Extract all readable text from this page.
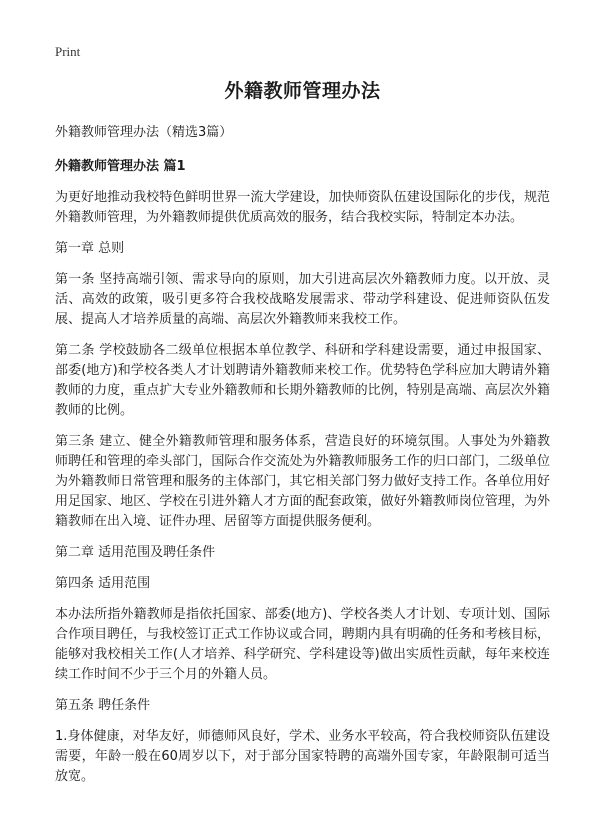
Print
外籍教师管理办法
外籍教师管理办法（精选3篇）
外籍教师管理办法 篇1

为更好地推动我校特色鲜明世界一流大学建设，加快师资队伍建设国际化的步伐，规范外籍教师管理，为外籍教师提供优质高效的服务，结合我校实际，特制定本办法。

第一章 总则

第一条 坚持高端引领、需求导向的原则，加大引进高层次外籍教师力度。以开放、灵活、高效的政策，吸引更多符合我校战略发展需求、带动学科建设、促进师资队伍发展、提高人才培养质量的高端、高层次外籍教师来我校工作。

第二条 学校鼓励各二级单位根据本单位教学、科研和学科建设需要，通过申报国家、部委(地方)和学校各类人才计划聘请外籍教师来校工作。优势特色学科应加大聘请外籍教师的力度，重点扩大专业外籍教师和长期外籍教师的比例，特别是高端、高层次外籍教师的比例。

第三条 建立、健全外籍教师管理和服务体系，营造良好的环境氛围。人事处为外籍教师聘任和管理的牵头部门，国际合作交流处为外籍教师服务工作的归口部门，二级单位为外籍教师日常管理和服务的主体部门，其它相关部门努力做好支持工作。各单位用好用足国家、地区、学校在引进外籍人才方面的配套政策，做好外籍教师岗位管理，为外籍教师在出入境、证件办理、居留等方面提供服务便利。

第二章 适用范围及聘任条件

第四条 适用范围

本办法所指外籍教师是指依托国家、部委(地方)、学校各类人才计划、专项计划、国际合作项目聘任，与我校签订正式工作协议或合同，聘期内具有明确的任务和考核目标，能够对我校相关工作(人才培养、科学研究、学科建设等)做出实质性贡献，每年来校连续工作时间不少于三个月的外籍人员。

第五条 聘任条件

1.身体健康，对华友好，师德师风良好，学术、业务水平较高，符合我校师资队伍建设需要，年龄一般在60周岁以下，对于部分国家特聘的高端外国专家，年龄限制可适当放宽。
